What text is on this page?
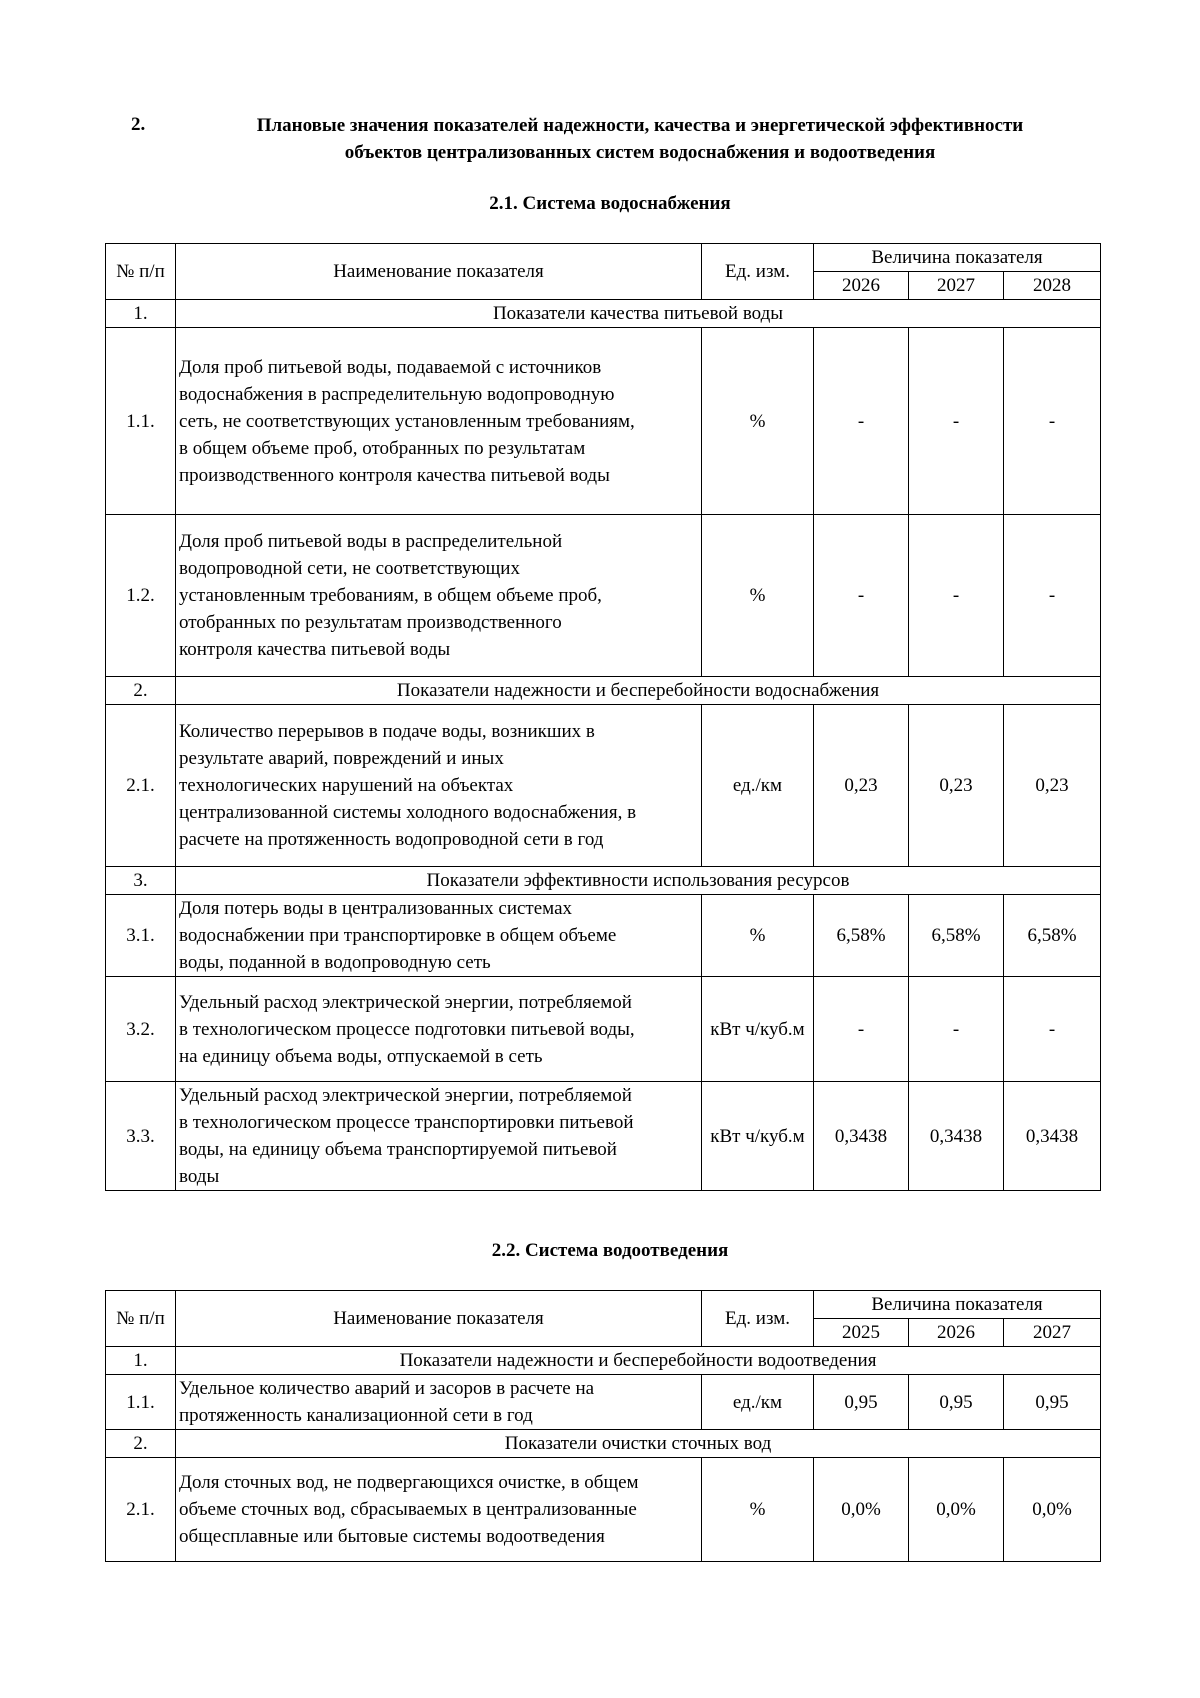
2.	Плановые значения показателей надежности, качества и энергетической эффективности
объектов централизованных систем водоснабжения и водоотведения
2.1. Система водоснабжения
№ п/п	Наименование показателя	Ед. изм.	Величина показателя		
			2026	2027	2028
1.	Показатели качества питьевой воды				
1.1.	Доля проб питьевой воды, подаваемой с источников
водоснабжения в распределительную водопроводную
сеть, не соответствующих установленным требованиям,
в общем объеме проб, отобранных по результатам
производственного контроля качества питьевой воды	%	-	-	-
1.2.	Доля проб питьевой воды в распределительной
водопроводной сети, не соответствующих
установленным требованиям, в общем объеме проб,
отобранных по результатам производственного
контроля качества питьевой воды	%	-	-	-
2.	Показатели надежности и бесперебойности водоснабжения				
2.1.	Количество перерывов в подаче воды, возникших в
результате аварий, повреждений и иных
технологических нарушений на объектах
централизованной системы холодного водоснабжения, в
расчете на протяженность водопроводной сети в год	ед./км	0,23	0,23	0,23
3.	Показатели эффективности использования ресурсов				
3.1.	Доля потерь воды в централизованных системах
водоснабжении при транспортировке в общем объеме
воды, поданной в водопроводную сеть	%	6,58%	6,58%	6,58%
3.2.	Удельный расход электрической энергии, потребляемой
в технологическом процессе подготовки питьевой воды,
на единицу объема воды, отпускаемой в сеть	кВт ч/куб.м	-	-	-
3.3.	Удельный расход электрической энергии, потребляемой
в технологическом процессе транспортировки питьевой
воды, на единицу объема транспортируемой питьевой
воды	кВт ч/куб.м	0,3438	0,3438	0,3438
2.2. Система водоотведения
№ п/п	Наименование показателя	Ед. изм.	Величина показателя		
			2025	2026	2027
1.	Показатели надежности и бесперебойности водоотведения				
1.1.	Удельное количество аварий и засоров в расчете на
протяженность канализационной сети в год	ед./км	0,95	0,95	0,95
2.	Показатели очистки сточных вод				
2.1.	Доля сточных вод, не подвергающихся очистке, в общем
объеме сточных вод, сбрасываемых в централизованные
общесплавные или бытовые системы водоотведения	%	0,0%	0,0%	0,0%
